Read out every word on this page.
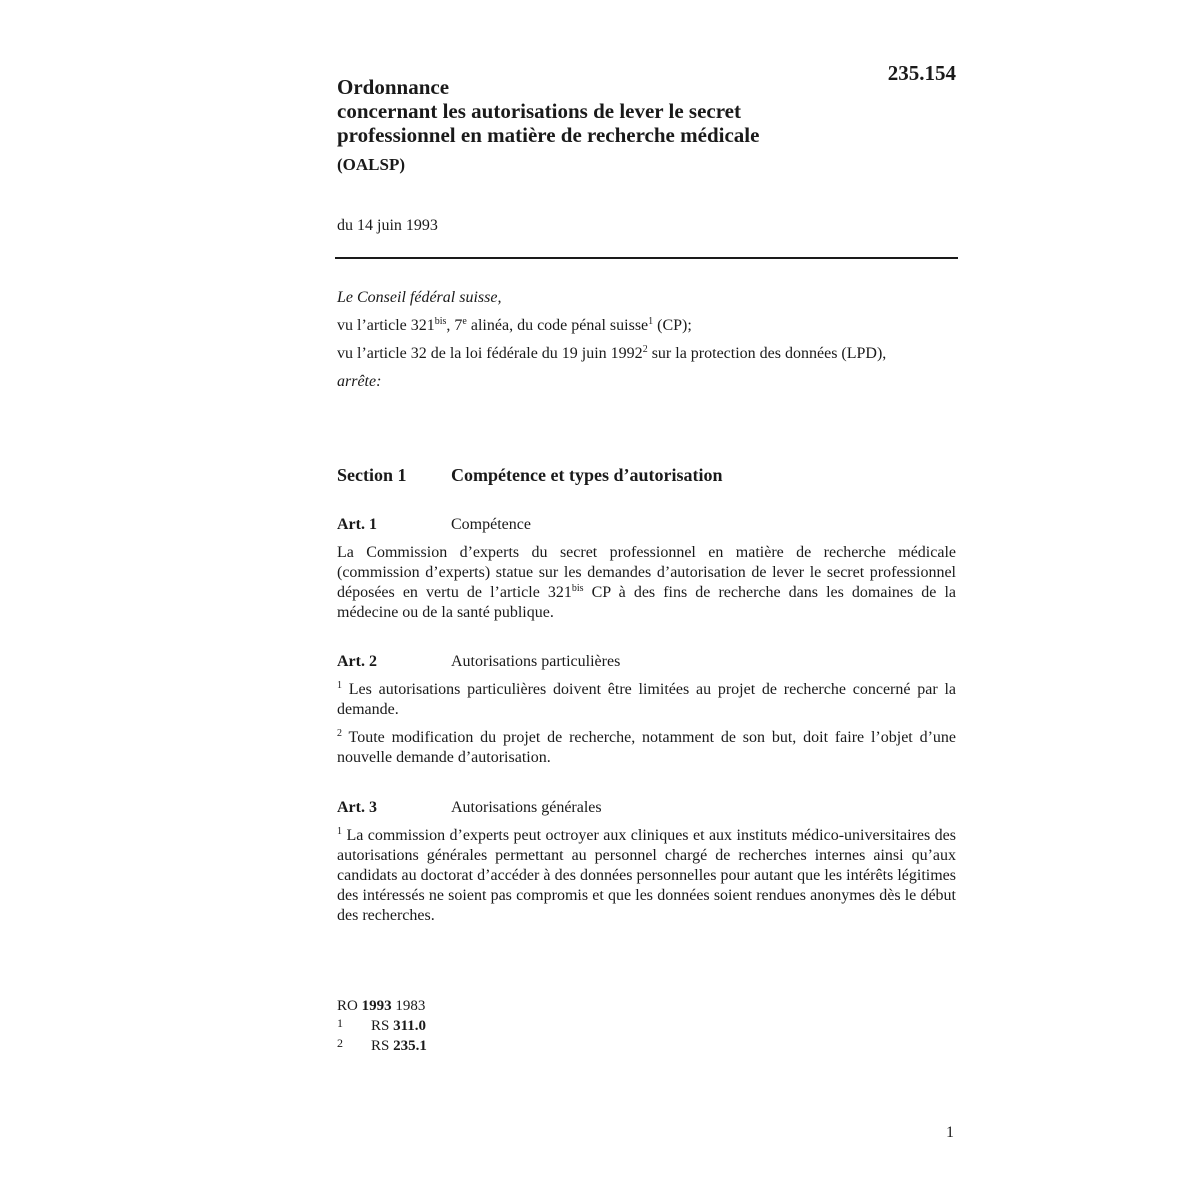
235.154
Ordonnance
concernant les autorisations de lever le secret
professionnel en matière de recherche médicale
(OALSP)
du 14 juin 1993

Le Conseil fédéral suisse,

vu l’article $321^{bis}$, 7e alinéa, du code pénal suisse$^1$ (CP);

vu l’article 32 de la loi fédérale du 19 juin 1992$^2$ sur la protection des données (LPD),

arrête:

Section 1 Compétence et types d’autorisation
Art. 1	Compétence

La Commission d’experts du secret professionnel en matière de recherche médicale (commission d’experts) statue sur les demandes d’autorisation de lever le secret professionnel déposées en vertu de l’article $321^{bis}$ CP à des fins de recherche dans les domaines de la médecine ou de la santé publique.

Art. 2	Autorisations particulières

$^1$ Les autorisations particulières doivent être limitées au projet de recherche concerné par la demande.

$^2$ Toute modification du projet de recherche, notamment de son but, doit faire l’objet d’une nouvelle demande d’autorisation.

Art. 3	Autorisations générales

$^1$ La commission d’experts peut octroyer aux cliniques et aux instituts médico-universitaires des autorisations générales permettant au personnel chargé de recherches internes ainsi qu’aux candidats au doctorat d’accéder à des données personnelles pour autant que les intérêts légitimes des intéressés ne soient pas compromis et que les données soient rendues anonymes dès le début des recherches.

RO 1993 1983
1 RS 311.0
2 RS 235.1
1
